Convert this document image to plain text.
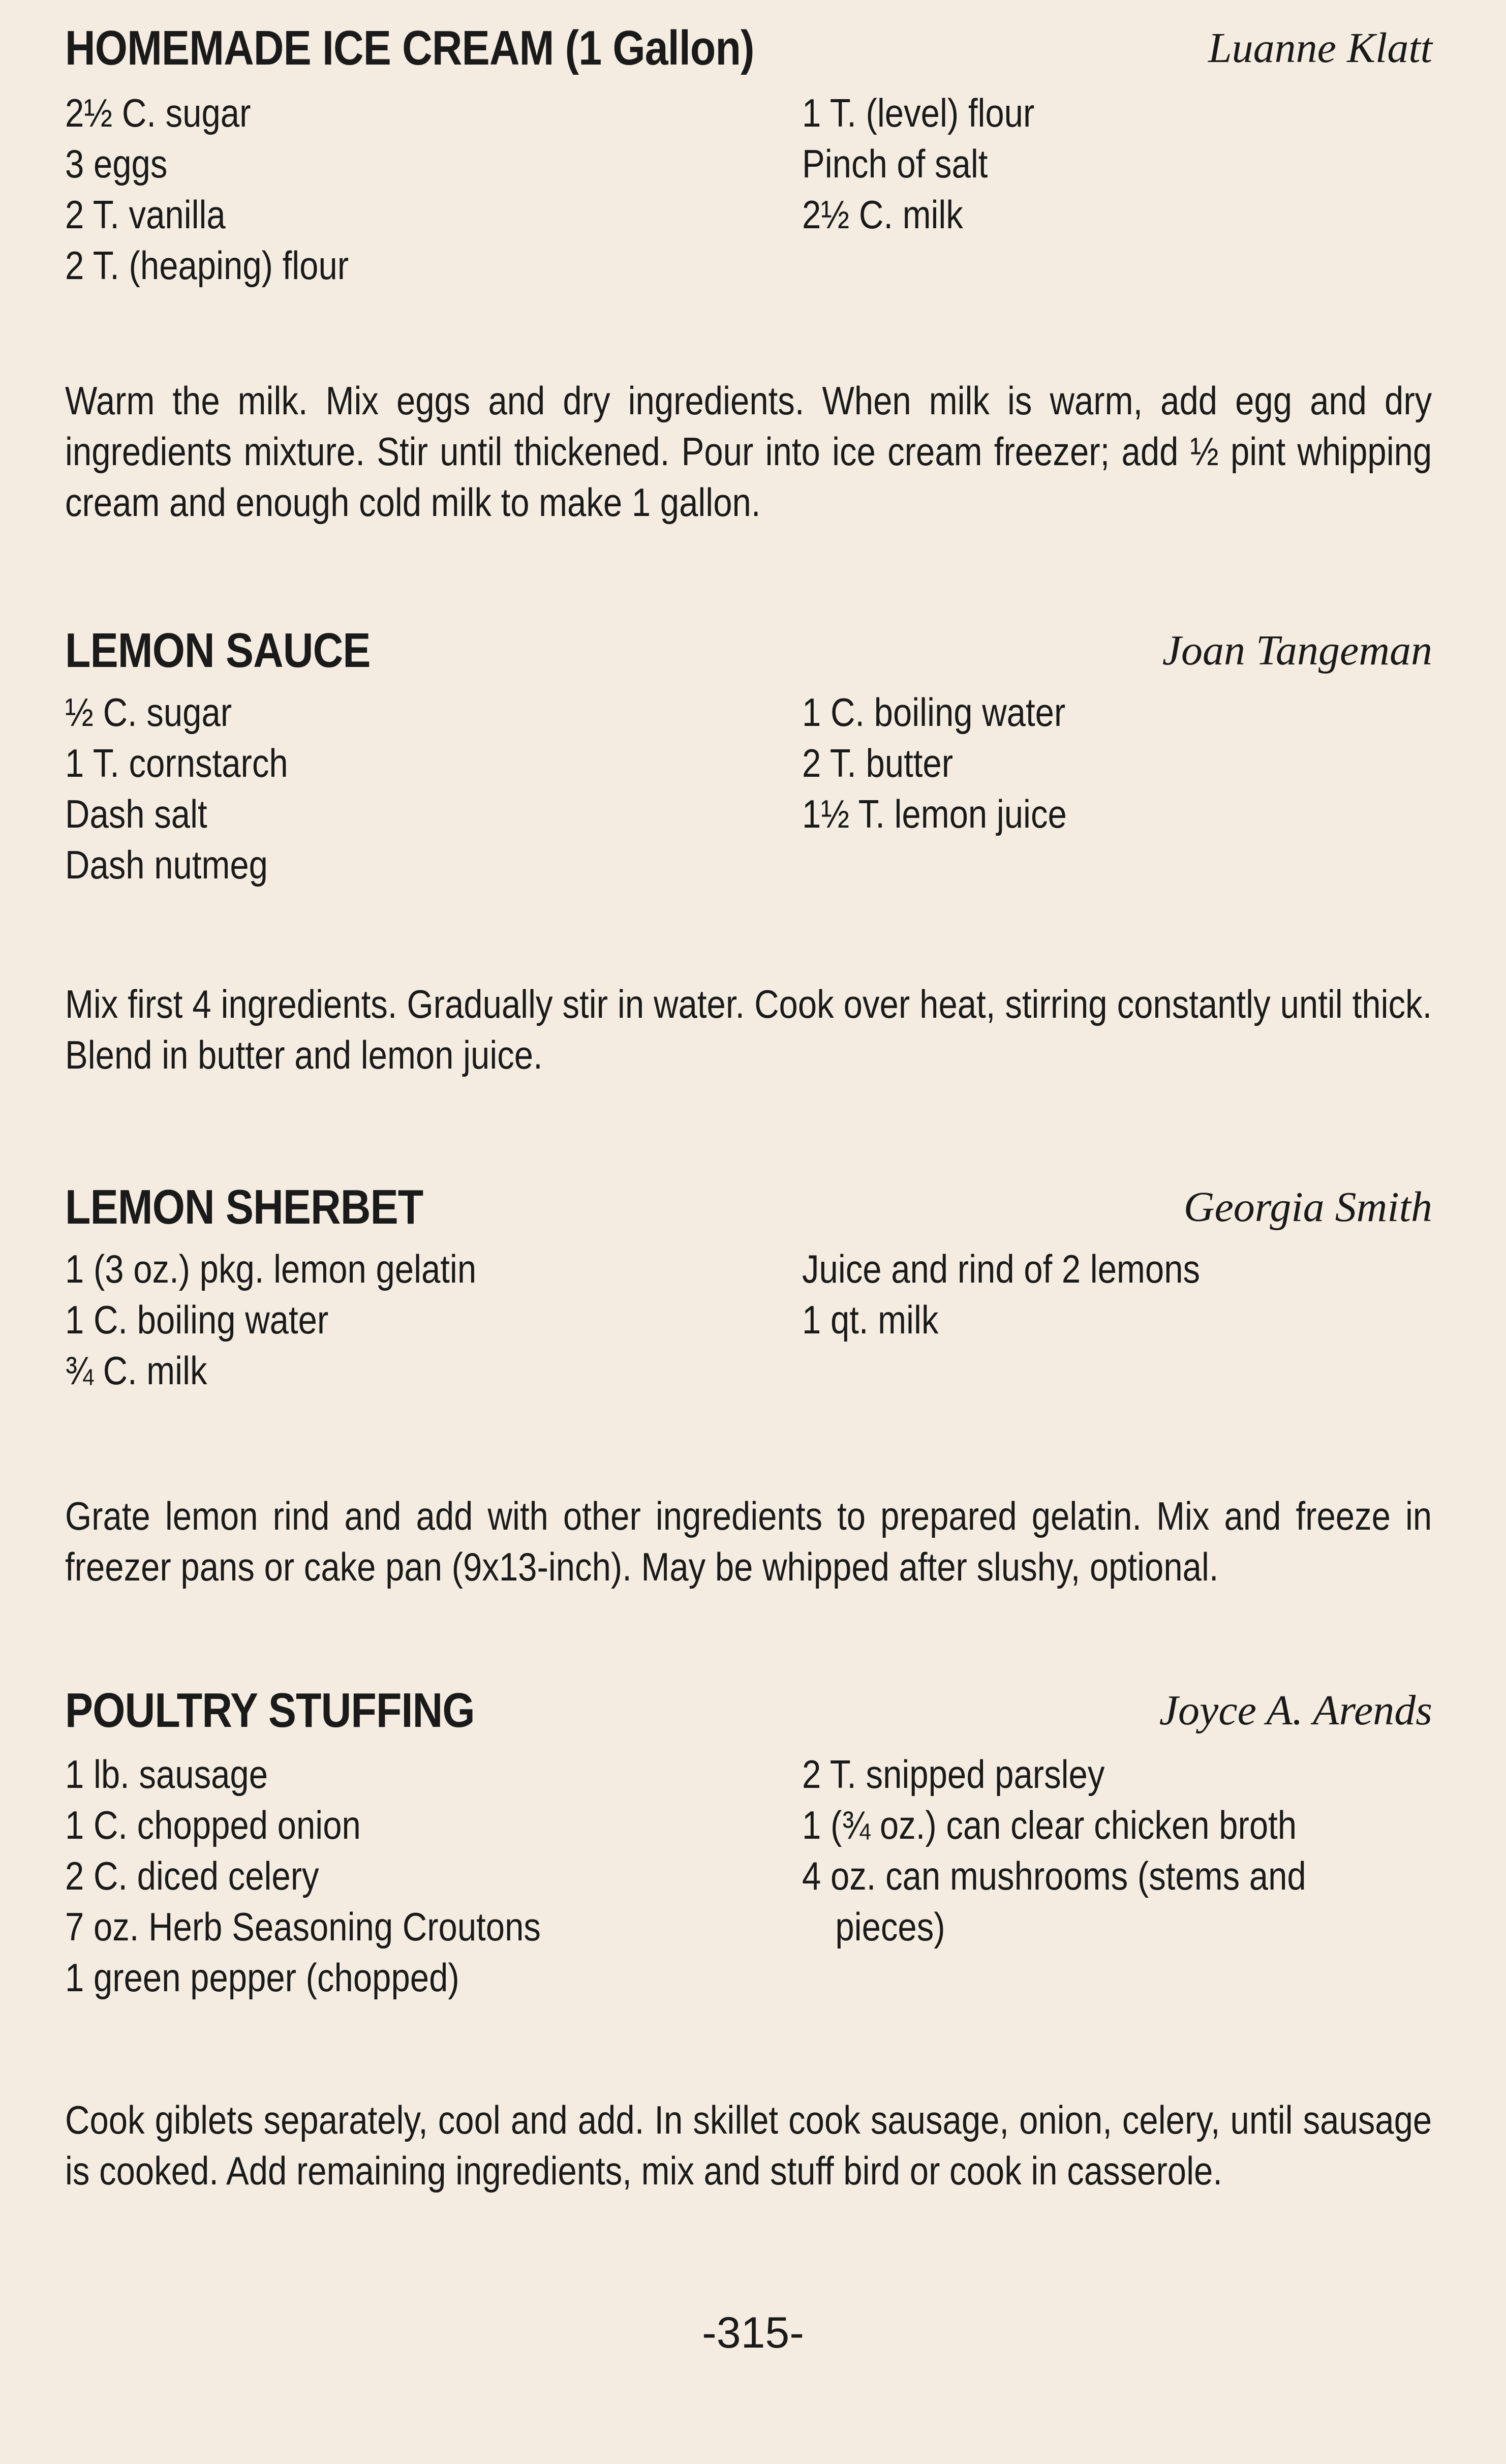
HOMEMADE ICE CREAM (1 Gallon)	Luanne Klatt
2½ C. sugar
3 eggs
2 T. vanilla
2 T. (heaping) flour
1 T. (level) flour
Pinch of salt
2½ C. milk
Warm the milk. Mix eggs and dry ingredients. When milk is warm, add egg and dry ingredients mixture. Stir until thickened. Pour into ice cream freezer; add ½ pint whipping cream and enough cold milk to make 1 gallon.
LEMON SAUCE	Joan Tangeman
½ C. sugar
1 T. cornstarch
Dash salt
Dash nutmeg
1 C. boiling water
2 T. butter
1½ T. lemon juice
Mix first 4 ingredients. Gradually stir in water. Cook over heat, stirring constantly until thick. Blend in butter and lemon juice.
LEMON SHERBET	Georgia Smith
1 (3 oz.) pkg. lemon gelatin
1 C. boiling water
¾ C. milk
Juice and rind of 2 lemons
1 qt. milk
Grate lemon rind and add with other ingredients to prepared gelatin. Mix and freeze in freezer pans or cake pan (9x13-inch). May be whipped after slushy, optional.
POULTRY STUFFING	Joyce A. Arends
1 lb. sausage
1 C. chopped onion
2 C. diced celery
7 oz. Herb Seasoning Croutons
1 green pepper (chopped)
2 T. snipped parsley
1 (¾ oz.) can clear chicken broth
4 oz. can mushrooms (stems and
pieces)
Cook giblets separately, cool and add. In skillet cook sausage, onion, celery, until sausage is cooked. Add remaining ingredients, mix and stuff bird or cook in casserole.
-315-
